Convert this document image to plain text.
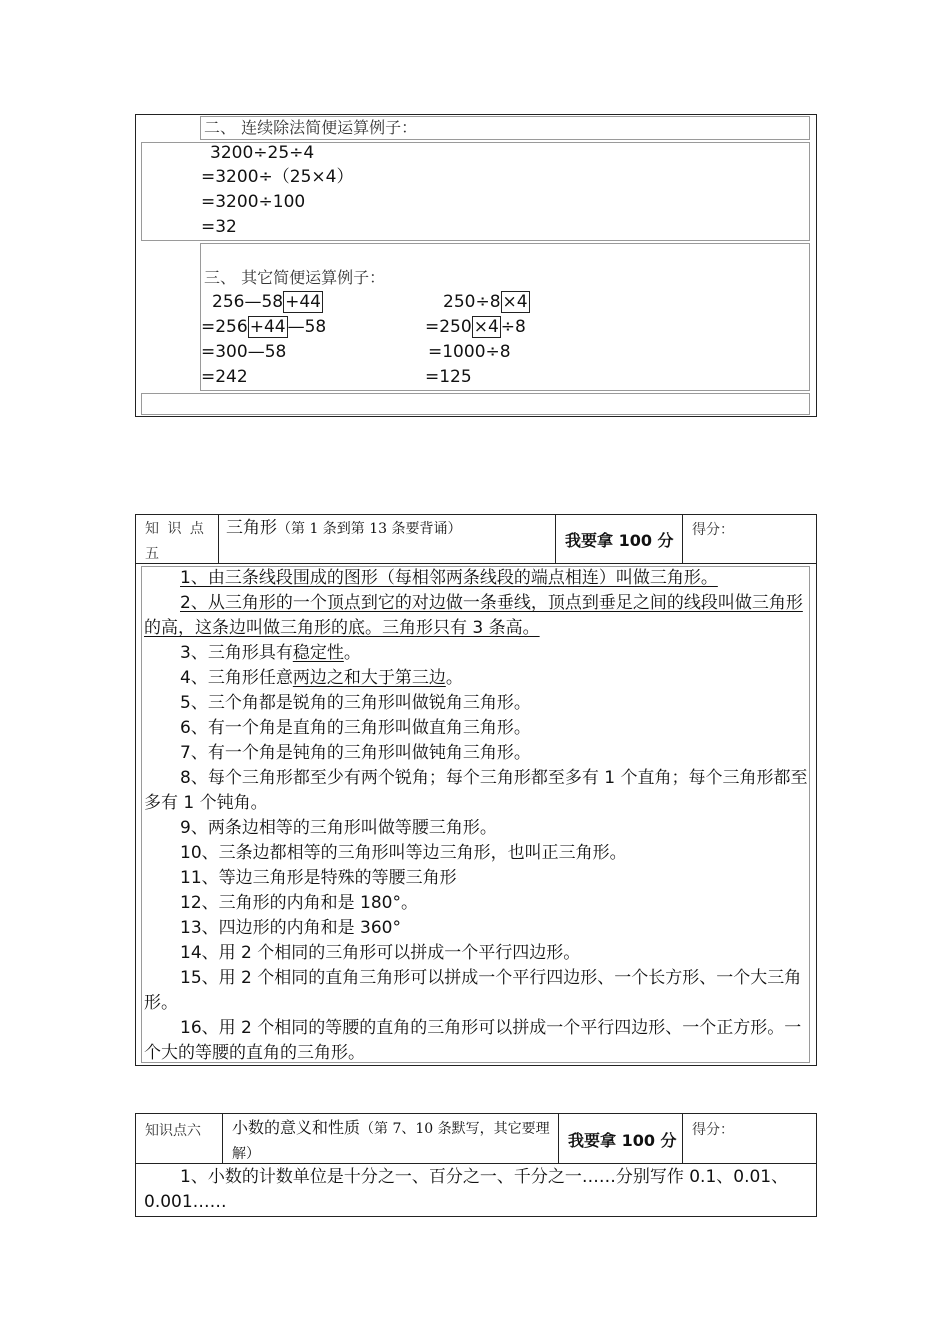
二、 连续除法简便运算例子：
3200÷25÷4
=3200÷（25×4）
=3200÷100
=32
三、 其它简便运算例子：
256—58 +44
=256 +44 —58
=300—58
=242
250÷8 ×4
=250 ×4 ÷8
=1000÷8
=125
知 识 点 五
三角形（第 1 条到第 13 条要背诵）
我要拿 100 分
得分：
1、由三条线段围成的图形（每相邻两条线段的端点相连）叫做三角形。
2、从三角形的一个顶点到它的对边做一条垂线，顶点到垂足之间的线段叫做三角形的高，这条边叫做三角形的底。三角形只有 3 条高。
3、三角形具有稳定性。
4、三角形任意两边之和大于第三边。
5、三个角都是锐角的三角形叫做锐角三角形。
6、有一个角是直角的三角形叫做直角三角形。
7、有一个角是钝角的三角形叫做钝角三角形。
8、每个三角形都至少有两个锐角；每个三角形都至多有 1 个直角；每个三角形都至多有 1 个钝角。
9、两条边相等的三角形叫做等腰三角形。
10、三条边都相等的三角形叫等边三角形，也叫正三角形。
11、等边三角形是特殊的等腰三角形
12、三角形的内角和是 180°。
13、四边形的内角和是 360°
14、用 2 个相同的三角形可以拼成一个平行四边形。
15、用 2 个相同的直角三角形可以拼成一个平行四边形、一个长方形、一个大三角形。
16、用 2 个相同的等腰的直角的三角形可以拼成一个平行四边形、一个正方形。一个大的等腰的直角的三角形。
知识点六 小数的意义和性质（第 7、10 条默写，其它要理解）
我要拿 100 分
得分：
1、小数的计数单位是十分之一、百分之一、千分之一……分别写作 0.1、0.01、 0.001……
